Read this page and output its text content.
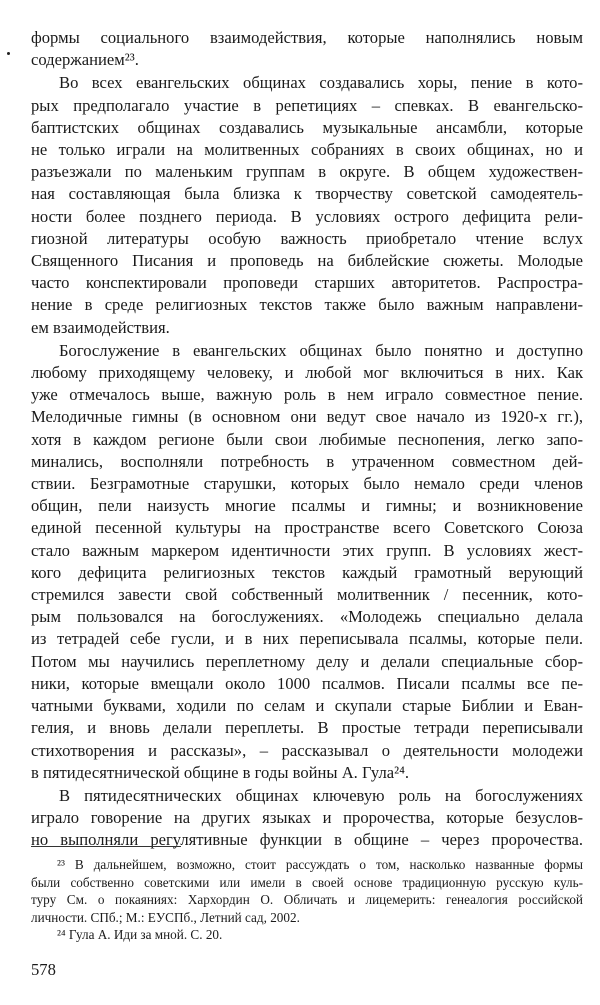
формы социального взаимодействия, которые наполнялись новым
содержанием²³.

Во всех евангельских общинах создавались хоры, пение в кото-
рых предполагало участие в репетициях – спевках. В евангельско-
баптистских общинах создавались музыкальные ансамбли, которые
не только играли на молитвенных собраниях в своих общинах, но и
разъезжали по маленьким группам в округе. В общем художествен-
ная составляющая была близка к творчеству советской самодеятель-
ности более позднего периода. В условиях острого дефицита рели-
гиозной литературы особую важность приобретало чтение вслух
Священного Писания и проповедь на библейские сюжеты. Молодые
часто конспектировали проповеди старших авторитетов. Распростра-
нение в среде религиозных текстов также было важным направлени-
ем взаимодействия.

Богослужение в евангельских общинах было понятно и доступно
любому приходящему человеку, и любой мог включиться в них. Как
уже отмечалось выше, важную роль в нем играло совместное пение.
Мелодичные гимны (в основном они ведут свое начало из 1920-х гг.),
хотя в каждом регионе были свои любимые песнопения, легко запо-
минались, восполняли потребность в утраченном совместном дей-
ствии. Безграмотные старушки, которых было немало среди членов
общин, пели наизусть многие псалмы и гимны; и возникновение
единой песенной культуры на пространстве всего Советского Союза
стало важным маркером идентичности этих групп. В условиях жест-
кого дефицита религиозных текстов каждый грамотный верующий
стремился завести свой собственный молитвенник / песенник, кото-
рым пользовался на богослужениях. «Молодежь специально делала
из тетрадей себе гусли, и в них переписывала псалмы, которые пели.
Потом мы научились переплетному делу и делали специальные сбор-
ники, которые вмещали около 1000 псалмов. Писали псалмы все пе-
чатными буквами, ходили по селам и скупали старые Библии и Еван-
гелия, и вновь делали переплеты. В простые тетради переписывали
стихотворения и рассказы», – рассказывал о деятельности молодежи
в пятидесятнической общине в годы войны А. Гула²⁴.

В пятидесятнических общинах ключевую роль на богослужениях
играло говорение на других языках и пророчества, которые безуслов-
но выполняли регулятивные функции в общине – через пророчества.

²³ В дальнейшем, возможно, стоит рассуждать о том, насколько названные формы
были собственно советскими или имели в своей основе традиционную русскую куль-
туру См. о покаяниях: Хархордин О. Обличать и лицемерить: генеалогия российской
личности. СПб.; М.: ЕУСПб., Летний сад, 2002.

²⁴ Гула А. Иди за мной. С. 20.

578
